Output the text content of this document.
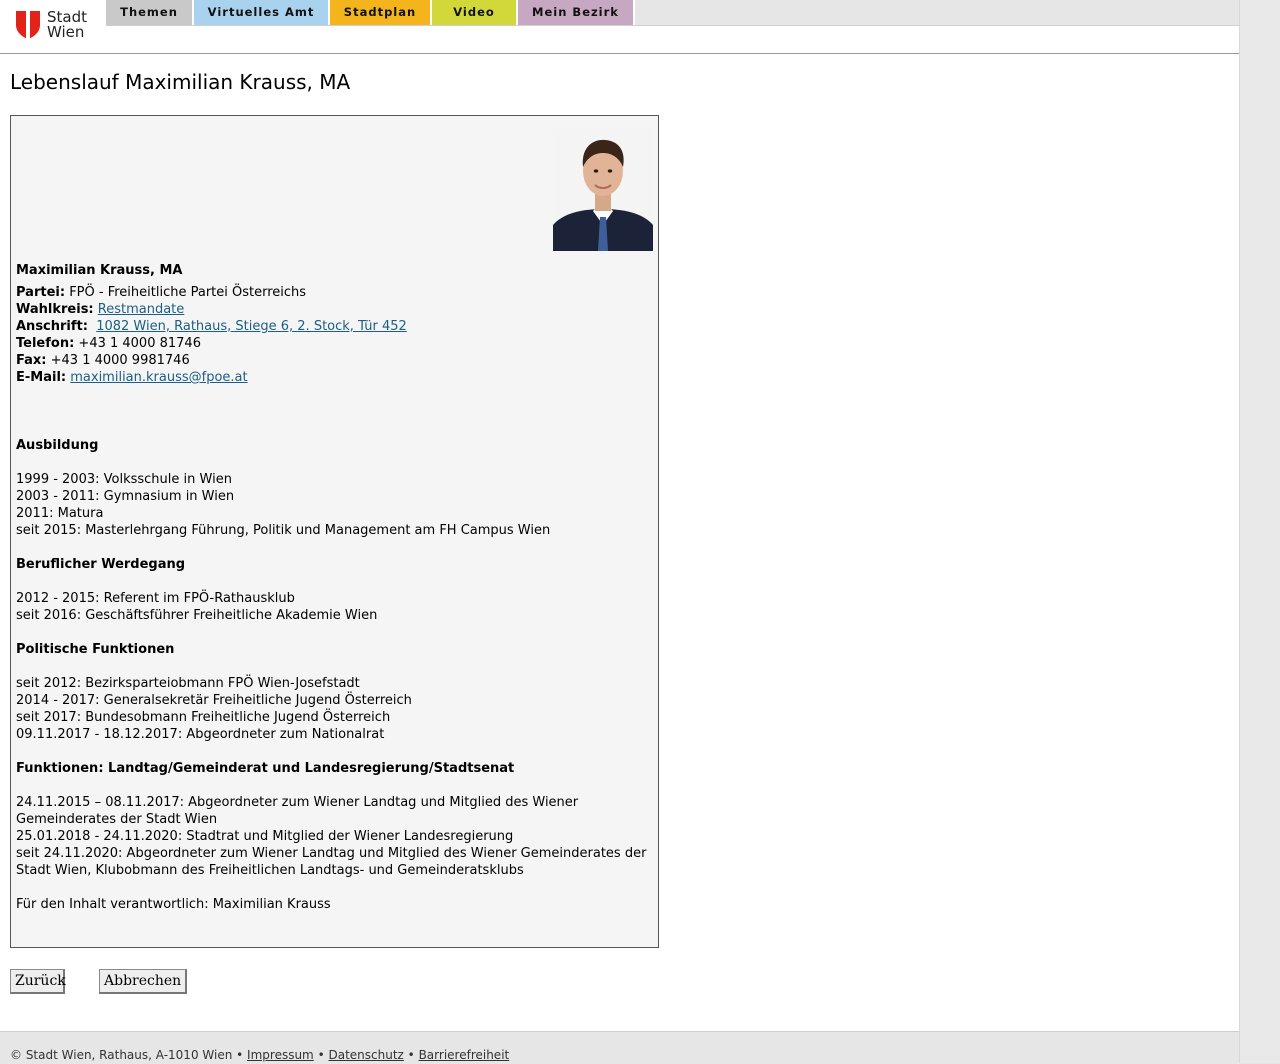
Stadt
Wien
Themen	Virtuelles Amt	Stadtplan	Video	Mein Bezirk
Lebenslauf Maximilian Krauss, MA

Maximilian Krauss, MA

Partei: FPÖ - Freiheitliche Partei Österreichs

Wahlkreis: Restmandate

Anschrift: 1082 Wien, Rathaus, Stiege 6, 2. Stock, Tür 452

Telefon: +43 1 4000 81746

Fax: +43 1 4000 9981746

E-Mail: maximilian.krauss@fpoe.at

Ausbildung

1999 - 2003: Volksschule in Wien

2003 - 2011: Gymnasium in Wien

2011: Matura

seit 2015: Masterlehrgang Führung, Politik und Management am FH Campus Wien

Beruflicher Werdegang

2012 - 2015: Referent im FPÖ-Rathausklub

seit 2016: Geschäftsführer Freiheitliche Akademie Wien

Politische Funktionen

seit 2012: Bezirksparteiobmann FPÖ Wien-Josefstadt

2014 - 2017: Generalsekretär Freiheitliche Jugend Österreich

seit 2017: Bundesobmann Freiheitliche Jugend Österreich

09.11.2017 - 18.12.2017: Abgeordneter zum Nationalrat

Funktionen: Landtag/Gemeinderat und Landesregierung/Stadtsenat

24.11.2015 – 08.11.2017: Abgeordneter zum Wiener Landtag und Mitglied des Wiener Gemeinderates der Stadt Wien

25.01.2018 - 24.11.2020: Stadtrat und Mitglied der Wiener Landesregierung

seit 24.11.2020: Abgeordneter zum Wiener Landtag und Mitglied des Wiener Gemeinderates der Stadt Wien, Klubobmann des Freiheitlichen Landtags- und Gemeinderatsklubs

Für den Inhalt verantwortlich: Maximilian Krauss

Zurück	Abbrechen
© Stadt Wien, Rathaus, A-1010 Wien • Impressum • Datenschutz • Barrierefreiheit
